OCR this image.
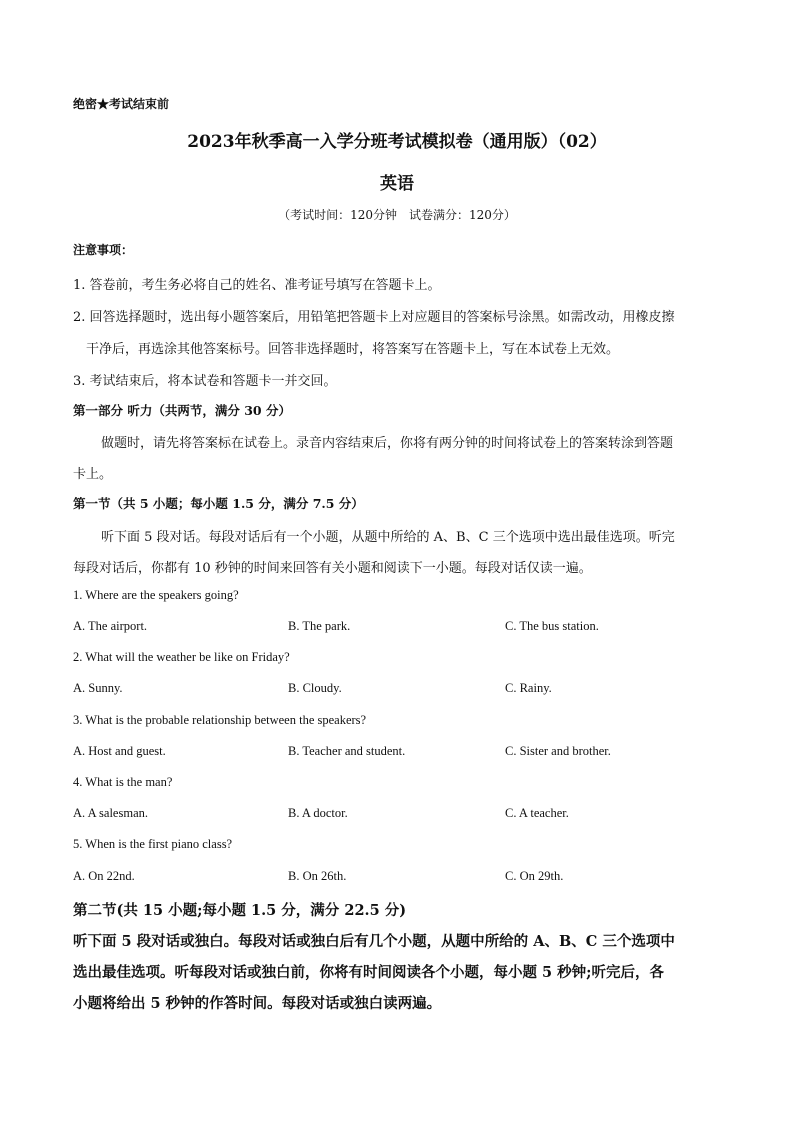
绝密★考试结束前
2023年秋季高一入学分班考试模拟卷（通用版）（02）
英语
（考试时间：120分钟　试卷满分：120分）
注意事项：
1. 答卷前，考生务必将自己的姓名、准考证号填写在答题卡上。
2. 回答选择题时，选出每小题答案后，用铅笔把答题卡上对应题目的答案标号涂黑。如需改动，用橡皮擦
干净后，再选涂其他答案标号。回答非选择题时，将答案写在答题卡上，写在本试卷上无效。
3. 考试结束后，将本试卷和答题卡一并交回。
第一部分 听力（共两节，满分 30 分）
做题时，请先将答案标在试卷上。录音内容结束后，你将有两分钟的时间将试卷上的答案转涂到答题
卡上。
第一节（共 5 小题；每小题 1.5 分，满分 7.5 分）
听下面 5 段对话。每段对话后有一个小题，从题中所给的 A、B、C 三个选项中选出最佳选项。听完
每段对话后，你都有 10 秒钟的时间来回答有关小题和阅读下一小题。每段对话仅读一遍。
1. Where are the speakers going?
A. The airport.	B. The park.	C. The bus station.
2. What will the weather be like on Friday?
A. Sunny.	B. Cloudy.	C. Rainy.
3. What is the probable relationship between the speakers?
A. Host and guest.	B. Teacher and student.	C. Sister and brother.
4. What is the man?
A. A salesman.	B. A doctor.	C. A teacher.
5. When is the first piano class?
A. On 22nd.	B. On 26th.	C. On 29th.
第二节(共 15 小题;每小题 1.5 分，满分 22.5 分)
听下面 5 段对话或独白。每段对话或独白后有几个小题，从题中所给的 A、B、C 三个选项中
选出最佳选项。听每段对话或独白前，你将有时间阅读各个小题，每小题 5 秒钟;听完后，各
小题将给出 5 秒钟的作答时间。每段对话或独白读两遍。
